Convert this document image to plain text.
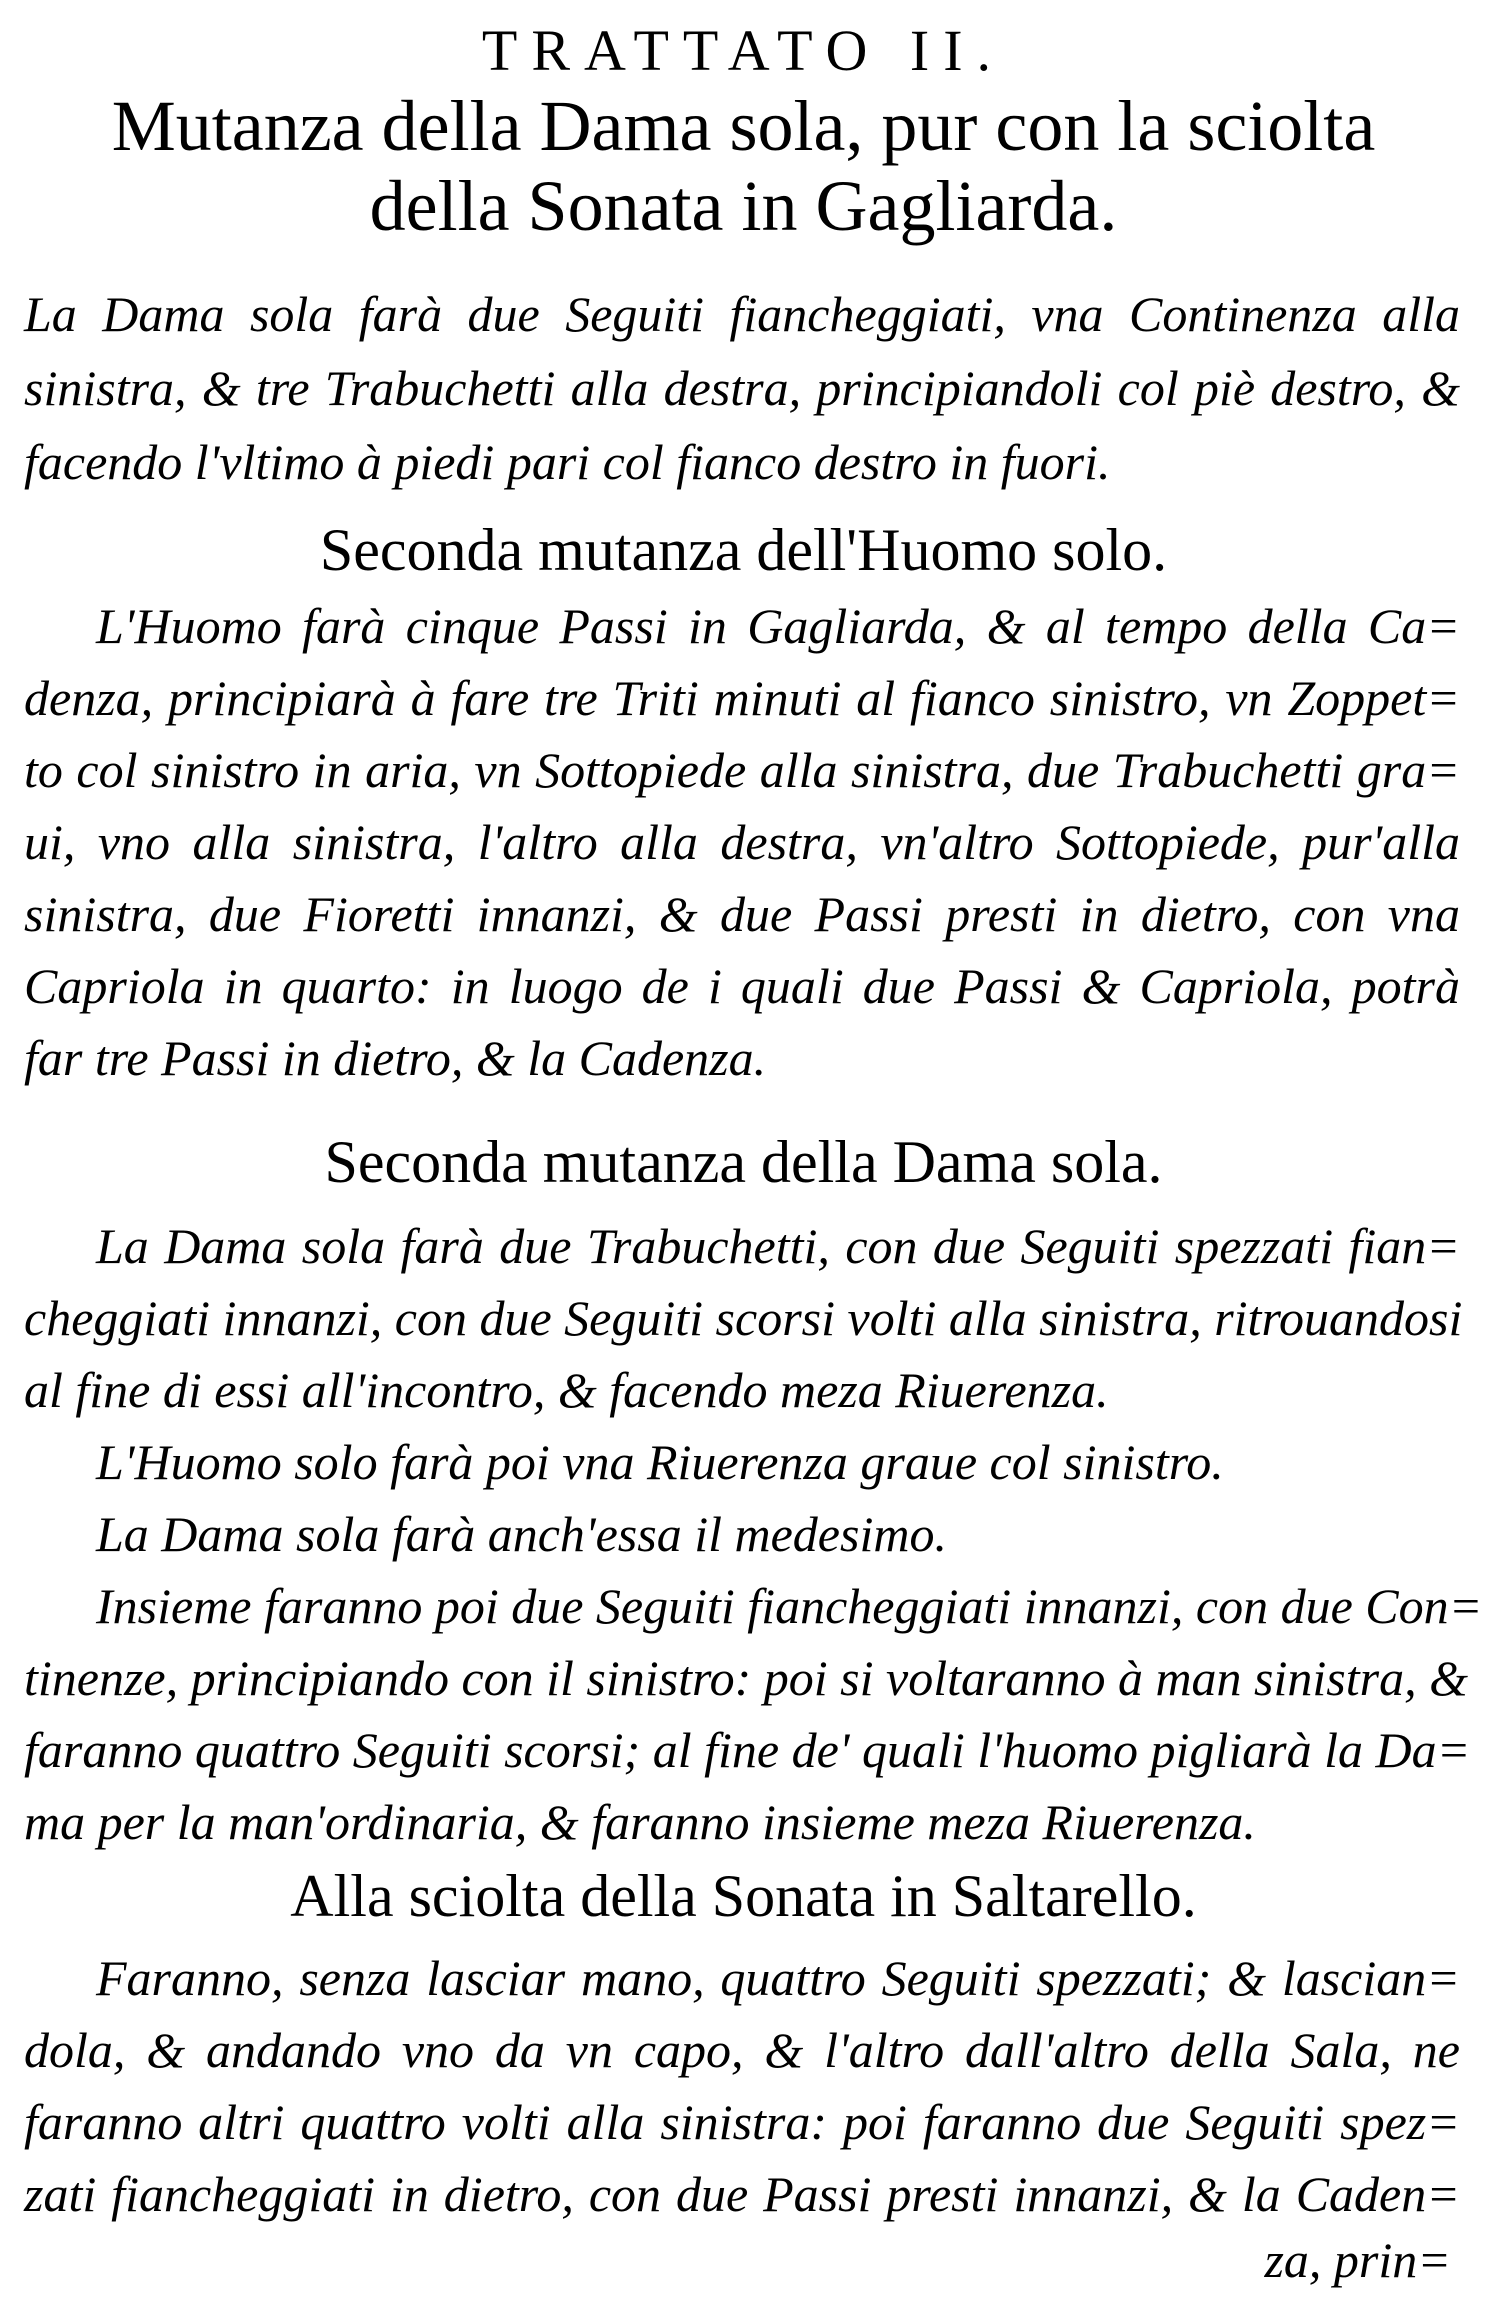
TRATTATO II.
Mutanza della Dama sola, pur con la sciolta
della Sonata in Gagliarda.
La Dama sola farà due Seguiti fiancheggiati, vna Continenza alla
sinistra, & tre Trabuchetti alla destra, principiandoli col piè destro, &
facendo l'vltimo à piedi pari col fianco destro in fuori.
Seconda mutanza dell'Huomo solo.
L'Huomo farà cinque Passi in Gagliarda, & al tempo della Ca=
denza, principiarà à fare tre Triti minuti al fianco sinistro, vn Zoppet=
to col sinistro in aria, vn Sottopiede alla sinistra, due Trabuchetti gra=
ui, vno alla sinistra, l'altro alla destra, vn'altro Sottopiede, pur'alla
sinistra, due Fioretti innanzi, & due Passi presti in dietro, con vna
Capriola in quarto: in luogo de i quali due Passi & Capriola, potrà
far tre Passi in dietro, & la Cadenza.
Seconda mutanza della Dama sola.
La Dama sola farà due Trabuchetti, con due Seguiti spezzati fian=
cheggiati innanzi, con due Seguiti scorsi volti alla sinistra, ritrouandosi
al fine di essi all'incontro, & facendo meza Riuerenza.
L'Huomo solo farà poi vna Riuerenza graue col sinistro.
La Dama sola farà anch'essa il medesimo.
Insieme faranno poi due Seguiti fiancheggiati innanzi, con due Con=
tinenze, principiando con il sinistro: poi si voltaranno à man sinistra, &
faranno quattro Seguiti scorsi; al fine de' quali l'huomo pigliarà la Da=
ma per la man'ordinaria, & faranno insieme meza Riuerenza.
Alla sciolta della Sonata in Saltarello.
Faranno, senza lasciar mano, quattro Seguiti spezzati; & lascian=
dola, & andando vno da vn capo, & l'altro dall'altro della Sala, ne
faranno altri quattro volti alla sinistra: poi faranno due Seguiti spez=
zati fiancheggiati in dietro, con due Passi presti innanzi, & la Caden=
za, prin=
